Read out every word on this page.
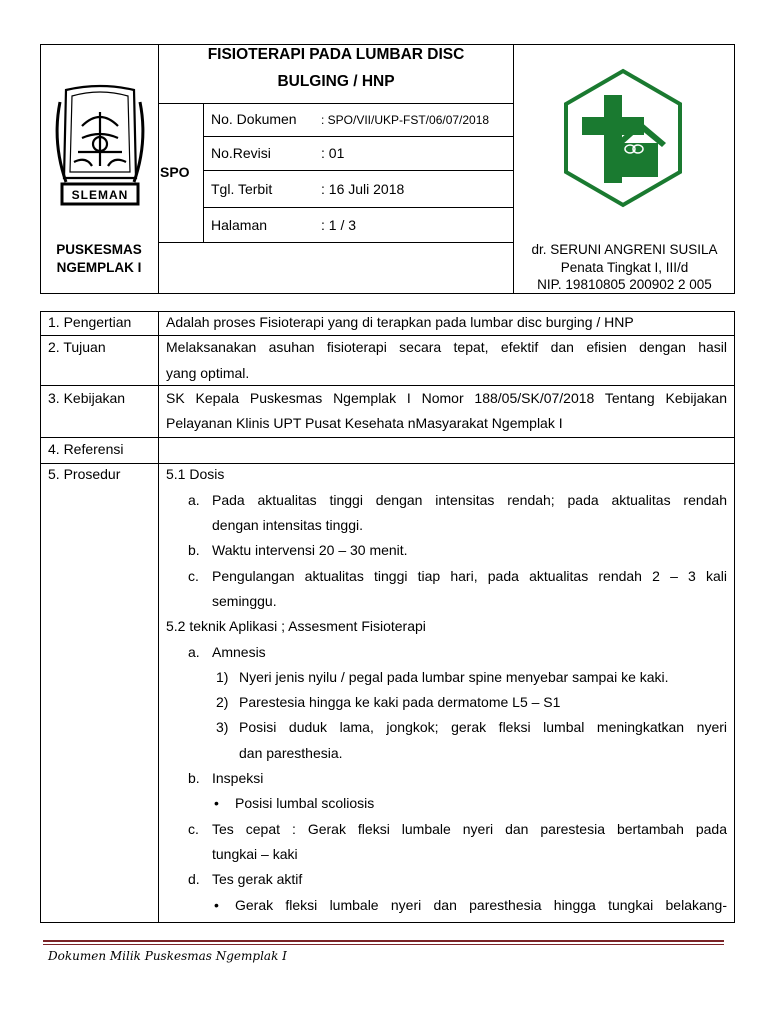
SLEMAN
PUSKESMAS
NGEMPLAK I
FISIOTERAPI PADA LUMBAR DISC
BULGING / HNP
SPO
No. Dokumen : SPO/VII/UKP-FST/06/07/2018
No.Revisi	: 01
Tgl. Terbit	: 16 Juli 2018
Halaman	: 1 / 3
dr. SERUNI ANGRENI SUSILA
Penata Tingkat I, III/d
NIP. 19810805 200902 2 005
1. Pengertian Adalah proses Fisioterapi yang di terapkan pada lumbar disc burging / HNP
2. Tujuan	Melaksanakan asuhan fisioterapi secara tepat, efektif dan efisien dengan hasil
yang optimal.
3. Kebijakan	SK Kepala Puskesmas Ngemplak I Nomor 188/05/SK/07/2018 Tentang Kebijakan
Pelayanan Klinis UPT Pusat Kesehata nMasyarakat Ngemplak I
4. Referensi
5. Prosedur	5.1 Dosis
a. Pada aktualitas tinggi dengan intensitas rendah; pada aktualitas rendah
dengan intensitas tinggi.
b. Waktu intervensi 20 – 30 menit.
c. Pengulangan aktualitas tinggi tiap hari, pada aktualitas rendah 2 – 3 kali
seminggu.
5.2 teknik Aplikasi ; Assesment Fisioterapi
a. Amnesis
1) Nyeri jenis nyilu / pegal pada lumbar spine menyebar sampai ke kaki.
2) Parestesia hingga ke kaki pada dermatome L5 – S1
3) Posisi duduk lama, jongkok; gerak fleksi lumbal meningkatkan nyeri
dan paresthesia.
b. Inspeksi
• Posisi lumbal scoliosis
c. Tes cepat : Gerak fleksi lumbale nyeri dan parestesia bertambah pada
tungkai – kaki
d. Tes gerak aktif
• Gerak fleksi lumbale nyeri dan paresthesia hingga tungkai belakang-
Dokumen Milik Puskesmas Ngemplak I
